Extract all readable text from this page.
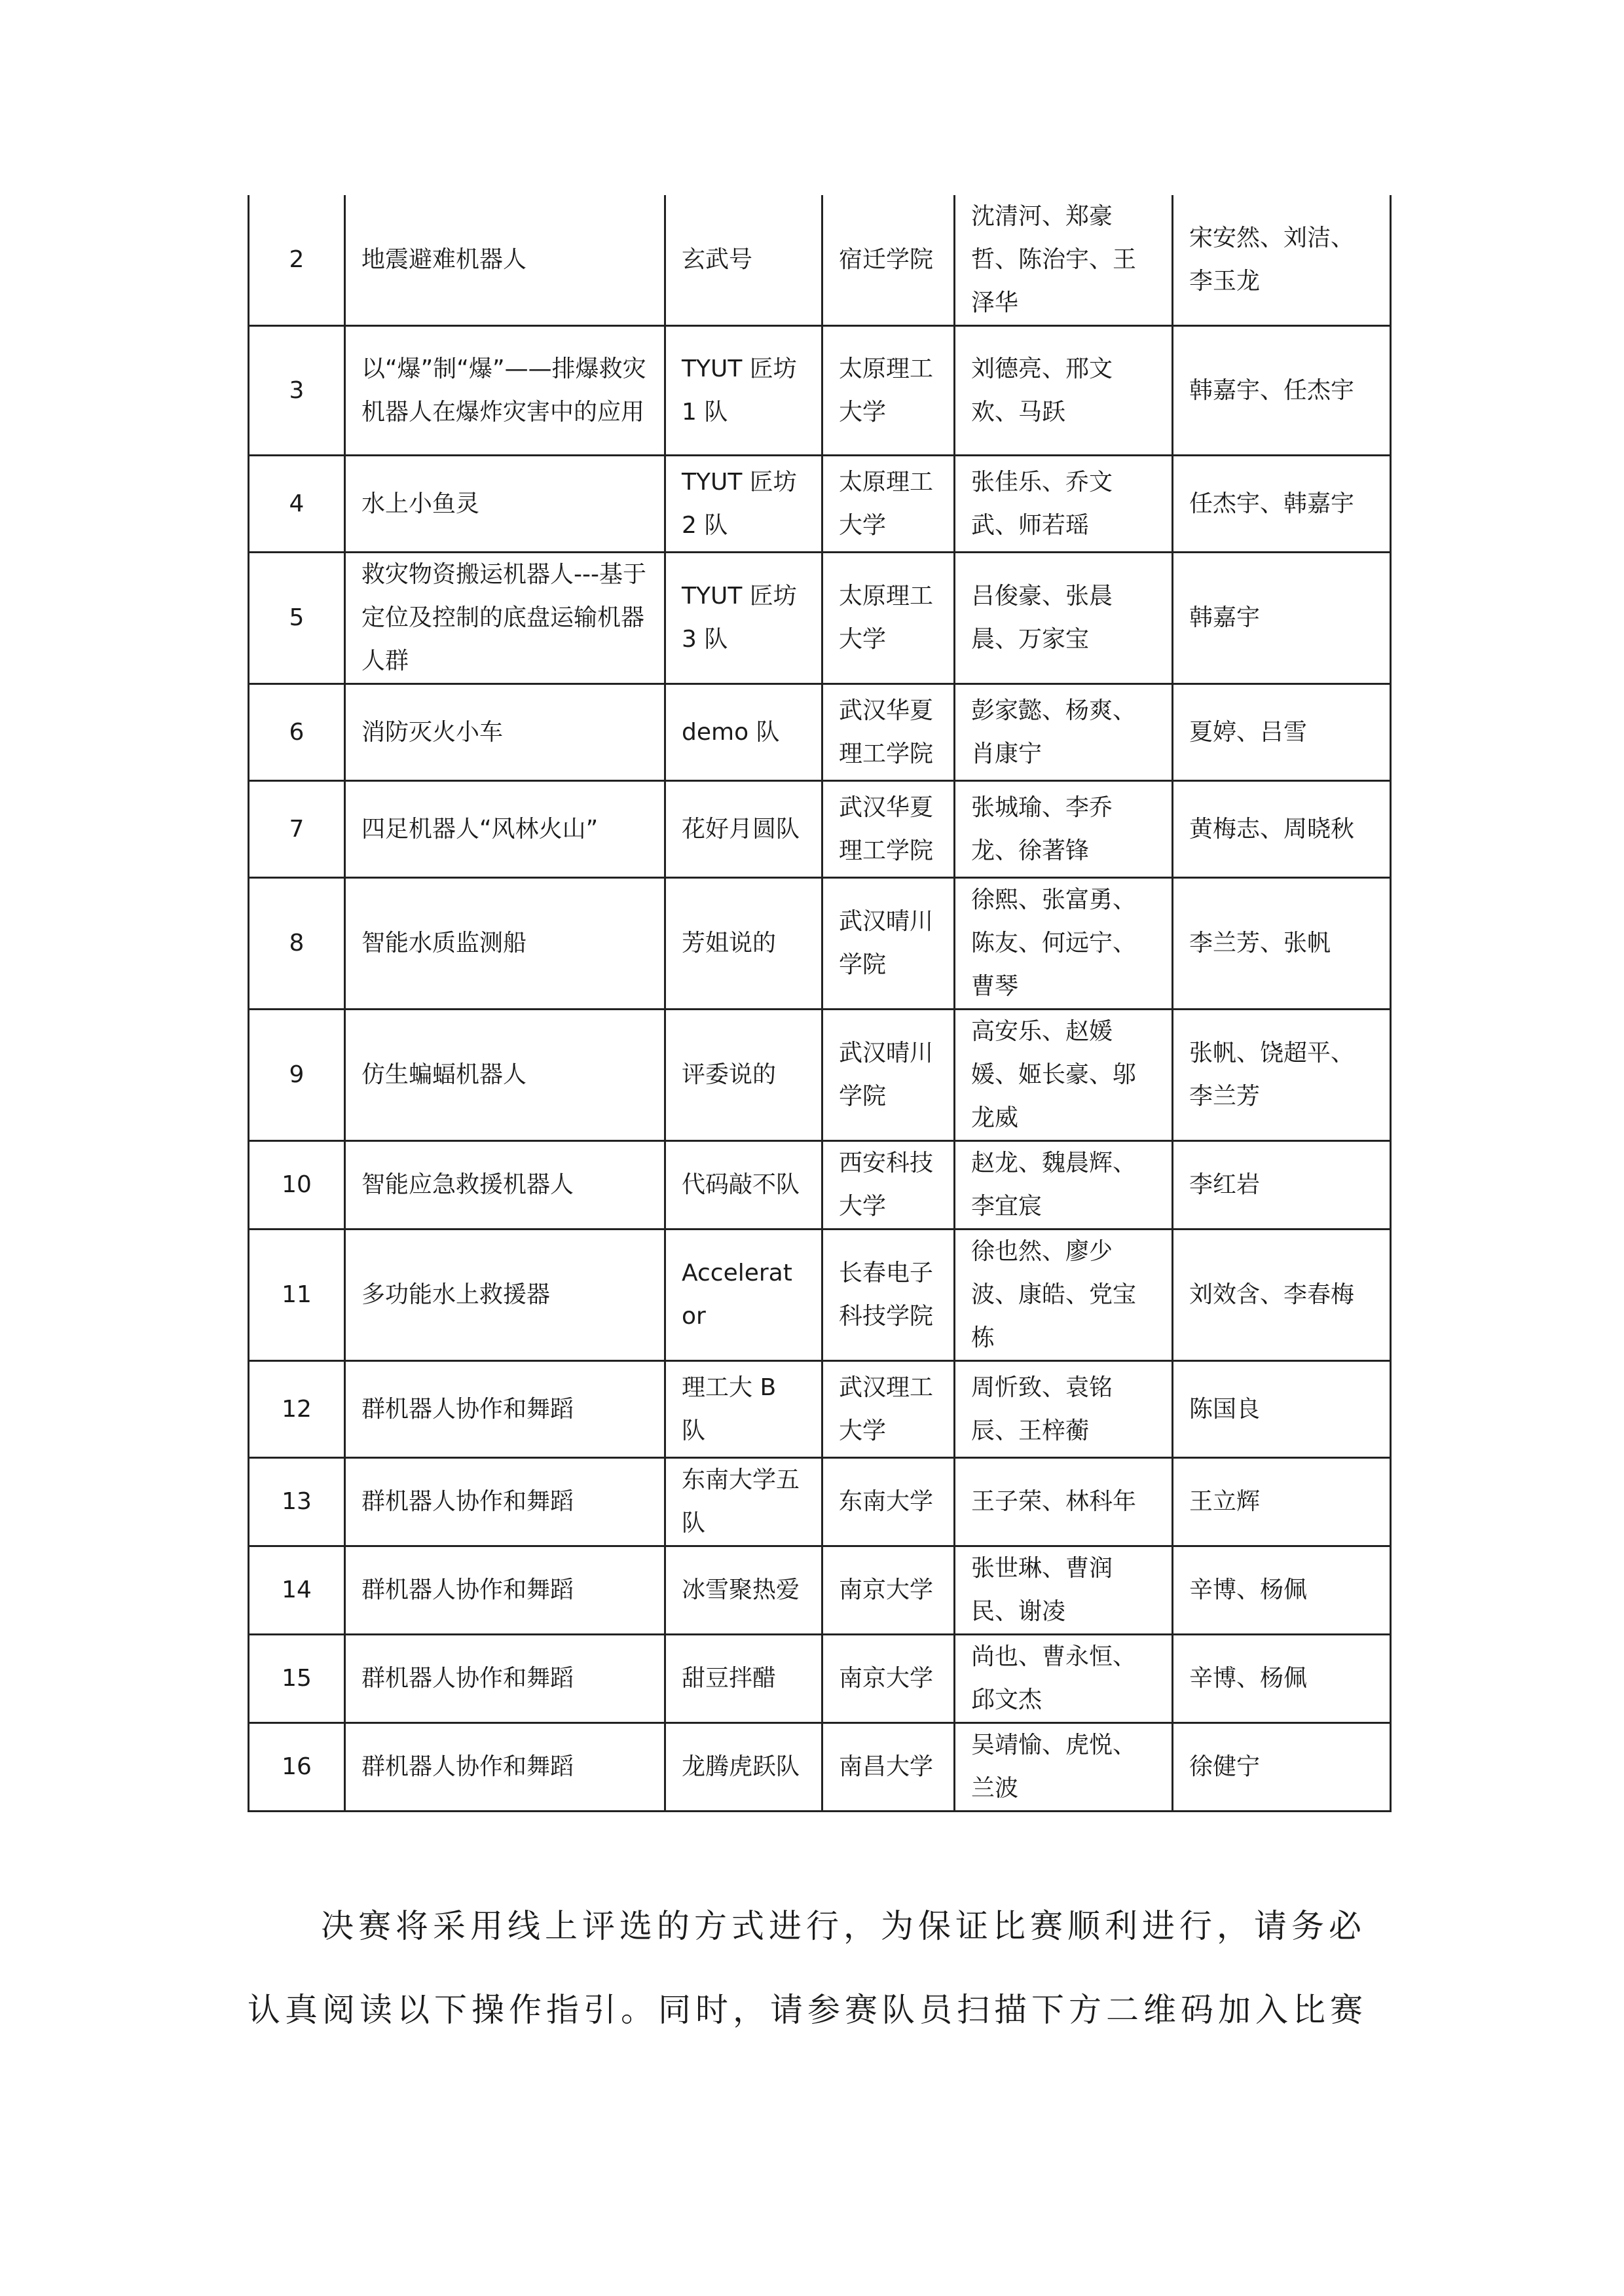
2	地震避难机器人	玄武号	宿迁学院	沈清河、郑豪哲、陈治宇、王泽华	宋安然、刘洁、李玉龙
3	以“爆”制“爆”——排爆救灾机器人在爆炸灾害中的应用	TYUT 匠坊 1 队	太原理工大学	刘德亮、邢文欢、马跃	韩嘉宇、任杰宇
4	水上小鱼灵	TYUT 匠坊 2 队	太原理工大学	张佳乐、乔文武、师若瑶	任杰宇、韩嘉宇
5	救灾物资搬运机器人---基于定位及控制的底盘运输机器人群	TYUT 匠坊 3 队	太原理工大学	吕俊豪、张晨晨、万家宝	韩嘉宇
6	消防灭火小车	demo 队	武汉华夏理工学院	彭家懿、杨爽、肖康宁	夏婷、吕雪
7	四足机器人“风林火山”	花好月圆队	武汉华夏理工学院	张城瑜、李乔龙、徐著锋	黄梅志、周晓秋
8	智能水质监测船	芳姐说的	武汉晴川学院	徐熙、张富勇、陈友、何远宁、曹琴	李兰芳、张帆
9	仿生蝙蝠机器人	评委说的	武汉晴川学院	高安乐、赵媛媛、姬长豪、邬龙威	张帆、饶超平、李兰芳
10	智能应急救援机器人	代码敲不队	西安科技大学	赵龙、魏晨辉、李宜宸	李红岩
11	多功能水上救援器	Accelerator	长春电子科技学院	徐也然、廖少波、康皓、党宝栋	刘效含、李春梅
12	群机器人协作和舞蹈	理工大 B 队	武汉理工大学	周忻致、袁铭辰、王梓蘅	陈国良
13	群机器人协作和舞蹈	东南大学五队	东南大学	王子荣、林科年	王立辉
14	群机器人协作和舞蹈	冰雪聚热爱	南京大学	张世琳、曹润民、谢凌	辛博、杨佩
15	群机器人协作和舞蹈	甜豆拌醋	南京大学	尚也、曹永恒、邱文杰	辛博、杨佩
16	群机器人协作和舞蹈	龙腾虎跃队	南昌大学	吴靖愉、虎悦、兰波	徐健宁
决赛将采用线上评选的方式进行，为保证比赛顺利进行，请务必
认真阅读以下操作指引。同时，请参赛队员扫描下方二维码加入比赛
